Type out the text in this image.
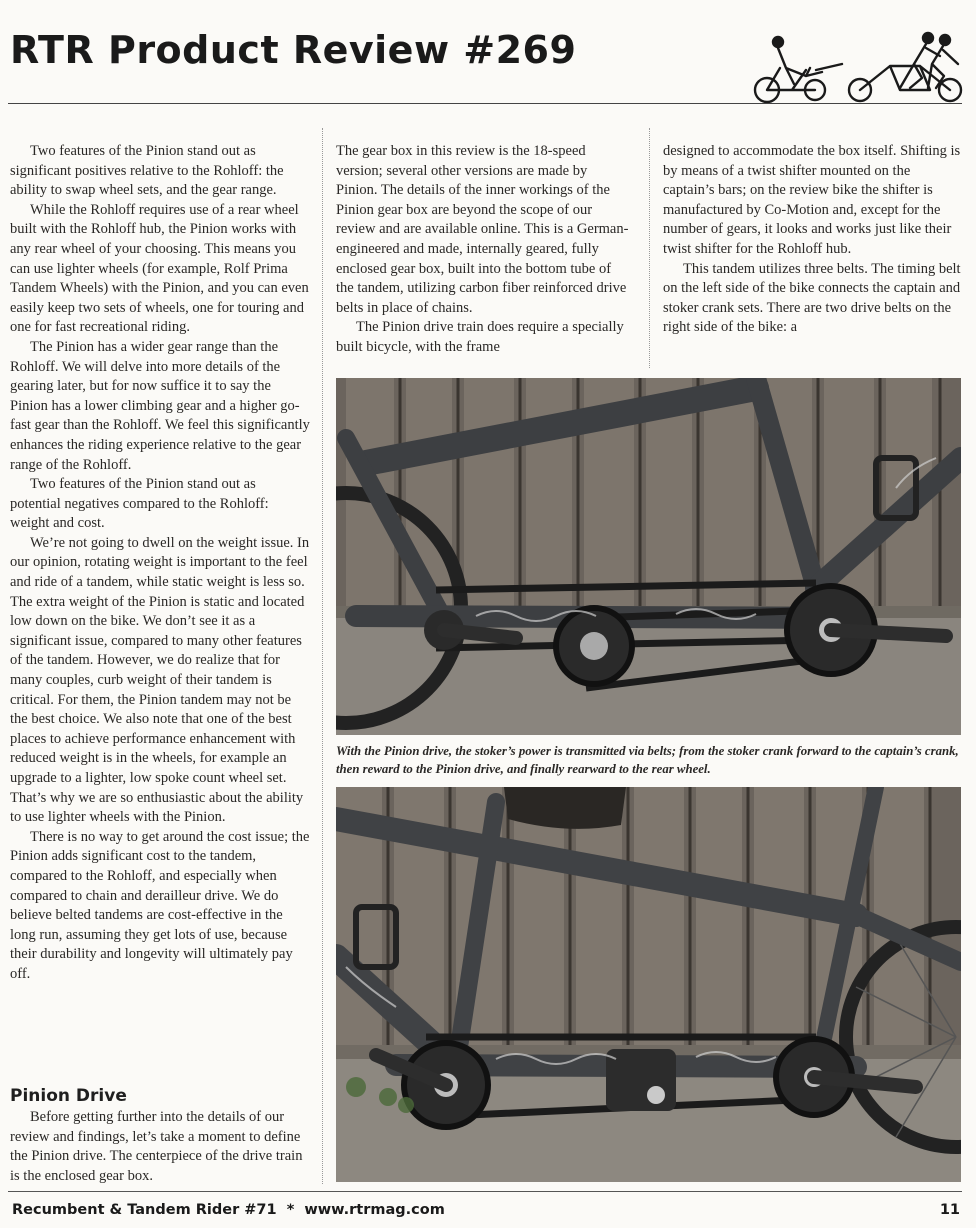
RTR Product Review #269

Two features of the Pinion stand out as significant positives relative to the Rohloff: the ability to swap wheel sets, and the gear range.

While the Rohloff requires use of a rear wheel built with the Rohloff hub, the Pinion works with any rear wheel of your choosing. This means you can use lighter wheels (for example, Rolf Prima Tandem Wheels) with the Pinion, and you can even easily keep two sets of wheels, one for touring and one for fast recreational riding.

The Pinion has a wider gear range than the Rohloff. We will delve into more details of the gearing later, but for now suffice it to say the Pinion has a lower climbing gear and a higher go-fast gear than the Rohloff. We feel this significantly enhances the riding experience relative to the gear range of the Rohloff.

Two features of the Pinion stand out as potential negatives compared to the Rohloff: weight and cost.

We’re not going to dwell on the weight issue. In our opinion, rotating weight is important to the feel and ride of a tandem, while static weight is less so. The extra weight of the Pinion is static and located low down on the bike. We don’t see it as a significant issue, compared to many other features of the tandem. However, we do realize that for many couples, curb weight of their tandem is critical. For them, the Pinion tandem may not be the best choice. We also note that one of the best places to achieve performance enhancement with reduced weight is in the wheels, for example an upgrade to a lighter, low spoke count wheel set. That’s why we are so enthusiastic about the ability to use lighter wheels with the Pinion.

There is no way to get around the cost issue; the Pinion adds significant cost to the tandem, compared to the Rohloff, and especially when compared to chain and derailleur drive. We do believe belted tandems are cost-effective in the long run, assuming they get lots of use, because their durability and longevity will ultimately pay off.

Pinion Drive

Before getting further into the details of our review and findings, let’s take a moment to define the Pinion drive. The centerpiece of the drive train is the enclosed gear box.

The gear box in this review is the 18-speed version; several other versions are made by Pinion. The details of the inner workings of the Pinion gear box are beyond the scope of our review and are available online. This is a German-engineered and made, internally geared, fully enclosed gear box, built into the bottom tube of the tandem, utilizing carbon fiber reinforced drive belts in place of chains.

The Pinion drive train does require a specially built bicycle, with the frame

designed to accommodate the box itself. Shifting is by means of a twist shifter mounted on the captain’s bars; on the review bike the shifter is manufactured by Co-Motion and, except for the number of gears, it looks and works just like their twist shifter for the Rohloff hub.

This tandem utilizes three belts. The timing belt on the left side of the bike connects the captain and stoker crank sets. There are two drive belts on the right side of the bike: a

With the Pinion drive, the stoker’s power is transmitted via belts; from the stoker crank forward to the captain’s crank, then reward to the Pinion drive, and finally rearward to the rear wheel.

Recumbent & Tandem Rider #71  *  www.rtrmag.com	11
